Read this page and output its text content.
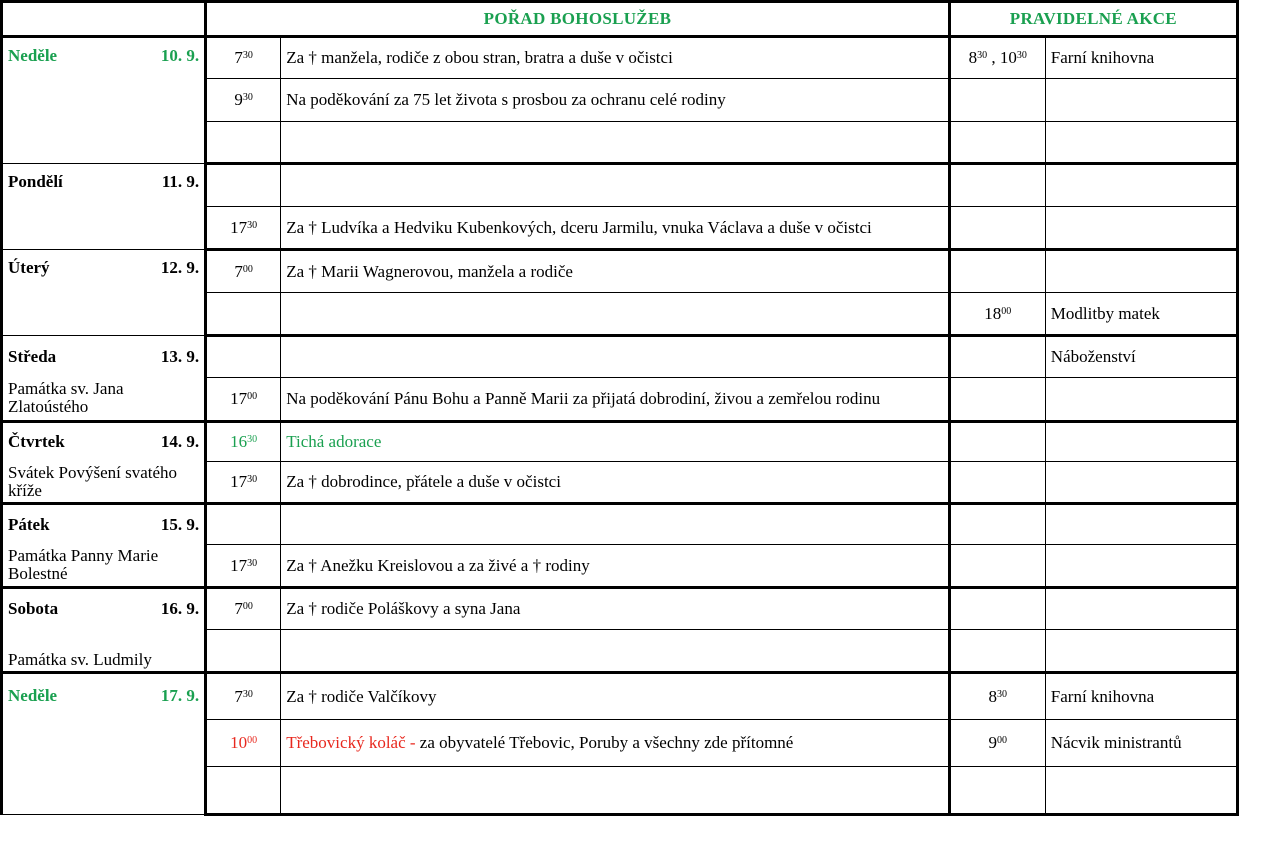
	POŘAD BOHOSLUŽEB		PRAVIDELNÉ AKCE	

Neděle 10. 9.	$7^{30}$	Za † manžela, rodiče z obou stran, bratra a duše v očistci	$8^{30}$ , $10^{30}$	Farní knihovna
	$9^{30}$	Na poděkování za 75 let života s prosbou za ochranu celé rodiny		

Pondělí 11. 9.				

	$17^{30}$	Za † Ludvíka a Hedviku Kubenkových, dceru Jarmilu, vnuka Václava a duše v očistci		

Úterý 12. 9.	$7^{00}$	Za † Marii Wagnerovou, manžela a rodiče		
			$18^{00}$	Modlitby matek

Středa 13. 9.				Náboženství
Památka sv. Jana Zlatoústého	$17^{00}$	Na poděkování Pánu Bohu a Panně Marii za přijatá dobrodiní, živou a zemřelou rodinu		

Čtvrtek 14. 9.	$16^{30}$	Tichá adorace		
Svátek Povýšení svatého kříže	$17^{30}$	Za † dobrodince, přátele a duše v očistci		

Pátek 15. 9.				

Památka Panny Marie Bolestné	$17^{30}$	Za † Anežku Kreislovou a za živé a † rodiny		

Sobota 16. 9.	$7^{00}$	Za † rodiče Poláškovy a syna Jana		
Památka sv. Ludmily				

Neděle 17. 9.	$7^{30}$	Za † rodiče Valčíkovy	$8^{30}$	Farní knihovna
	$10^{00}$	Třebovický koláč - za obyvatelé Třebovic, Poruby a všechny zde přítomné	$9^{00}$	Nácvik ministrantů
